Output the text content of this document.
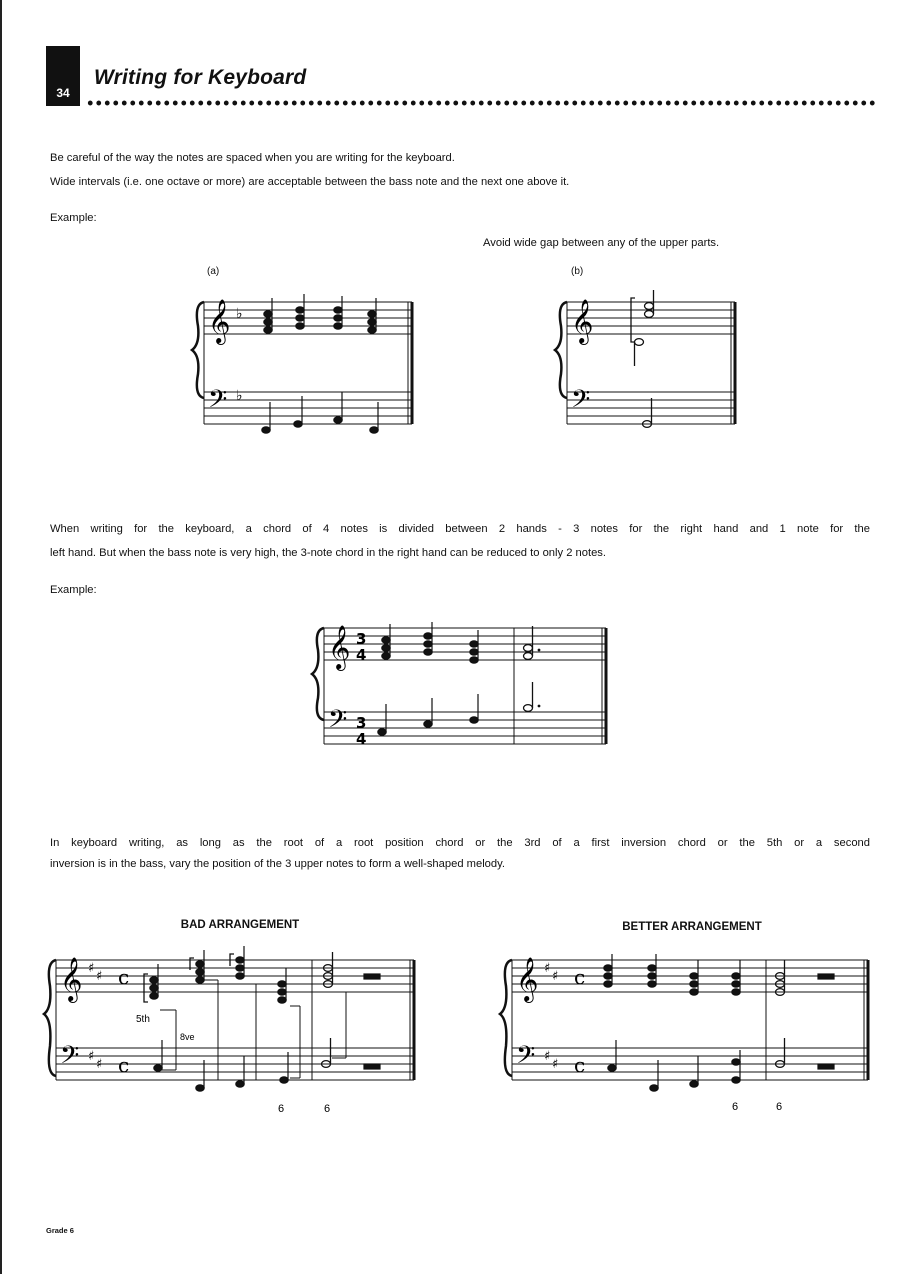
34
Writing for Keyboard

Be careful of the way the notes are spaced when you are writing for the keyboard.

Wide intervals (i.e. one octave or more) are acceptable between the bass note and the next one above it.

Example:

Avoid wide gap between any of the upper parts.

(a)	(b)
𝄞
𝄢
♭
♭
𝄞
𝄢

When writing for the keyboard, a chord of 4 notes is divided between 2 hands - 3 notes for the right hand and 1 note for the

left hand. But when the bass note is very high, the 3-note chord in the right hand can be reduced to only 2 notes.

Example:

𝄞
𝄢
3
4
3
4

In keyboard writing, as long as the root of a root position chord or the 3rd of a first inversion chord or the 5th or a second

inversion is in the bass, vary the position of the 3 upper notes to form a well-shaped melody.

BAD ARRANGEMENT	BETTER ARRANGEMENT

𝄞
𝄢
♯
♯
♯
♯
c
c
5th
8ve
6	6
𝄞
𝄢
♯
♯
♯
♯
c
c
6	6
Grade 6
